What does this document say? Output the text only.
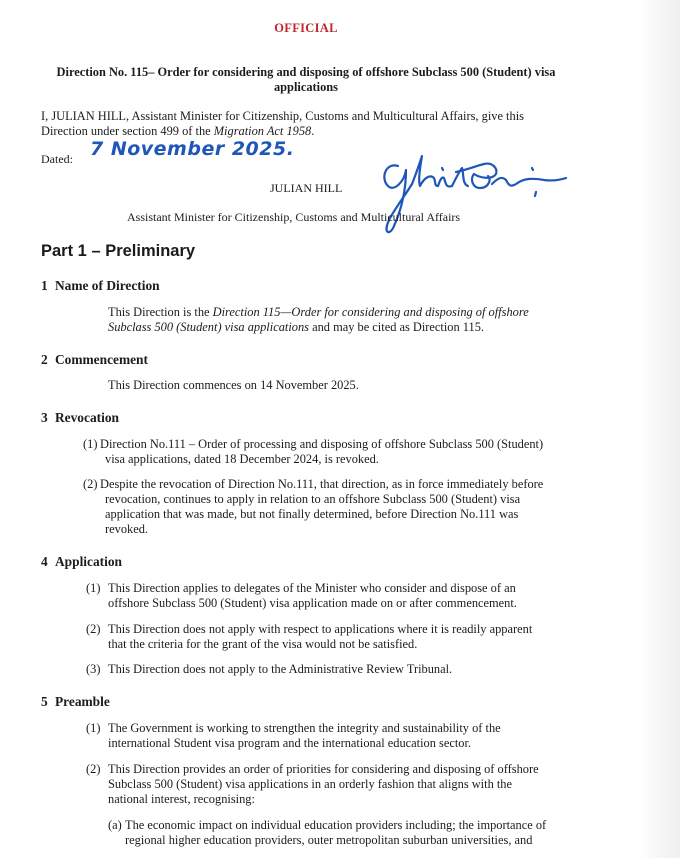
OFFICIAL
Direction No. 115– Order for considering and disposing of offshore Subclass 500 (Student) visa
applications
I, JULIAN HILL, Assistant Minister for Citizenship, Customs and Multicultural Affairs, give this
Direction under section 499 of the Migration Act 1958.
Dated: 7 November 2025.
JULIAN HILL
Assistant Minister for Citizenship, Customs and Multicultural Affairs
Part 1 – Preliminary
1 Name of Direction
This Direction is the Direction 115—Order for considering and disposing of offshore
Subclass 500 (Student) visa applications and may be cited as Direction 115.
2 Commencement
This Direction commences on 14 November 2025.
3 Revocation
(1) Direction No.111 – Order of processing and disposing of offshore Subclass 500 (Student)
visa applications, dated 18 December 2024, is revoked.
(2) Despite the revocation of Direction No.111, that direction, as in force immediately before
revocation, continues to apply in relation to an offshore Subclass 500 (Student) visa
application that was made, but not finally determined, before Direction No.111 was
revoked.
4 Application
(1) This Direction applies to delegates of the Minister who consider and dispose of an
offshore Subclass 500 (Student) visa application made on or after commencement.
(2) This Direction does not apply with respect to applications where it is readily apparent
that the criteria for the grant of the visa would not be satisfied.
(3) This Direction does not apply to the Administrative Review Tribunal.
5 Preamble
(1) The Government is working to strengthen the integrity and sustainability of the
international Student visa program and the international education sector.
(2) This Direction provides an order of priorities for considering and disposing of offshore
Subclass 500 (Student) visa applications in an orderly fashion that aligns with the
national interest, recognising:
(a) The economic impact on individual education providers including; the importance of
regional higher education providers, outer metropolitan suburban universities, and
